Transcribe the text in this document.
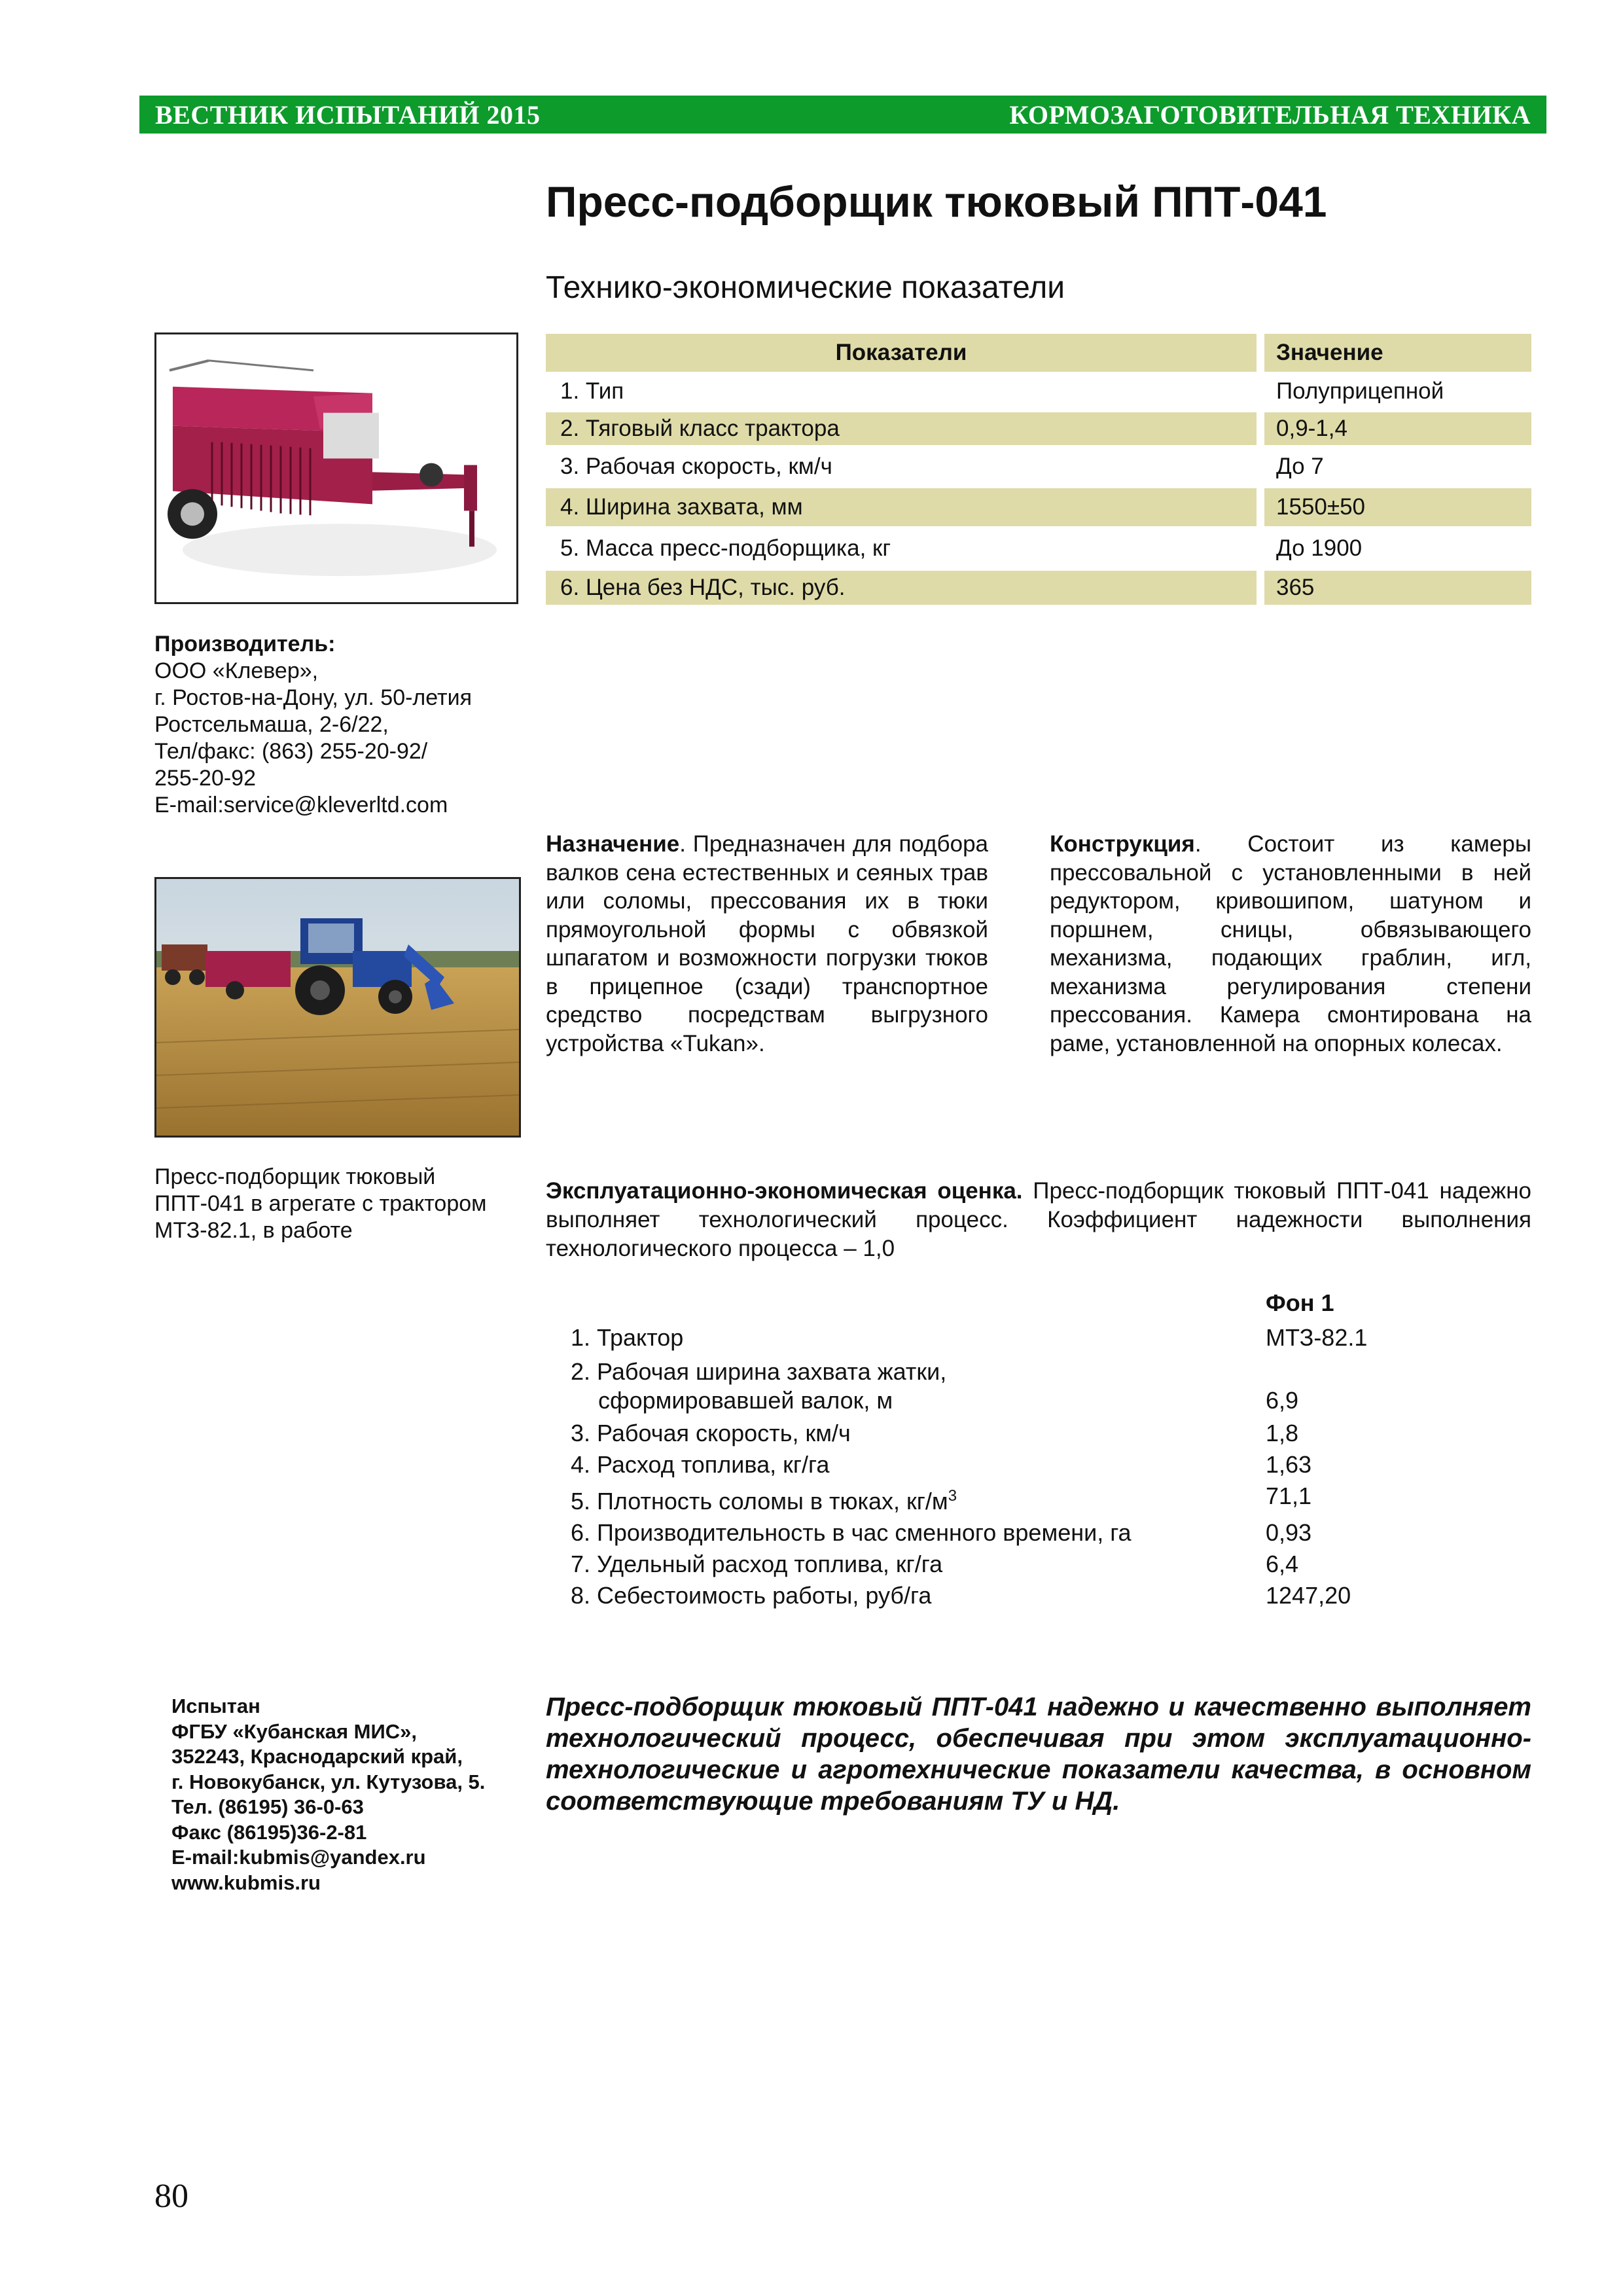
ВЕСТНИК ИСПЫТАНИЙ 2015	КОРМОЗАГОТОВИТЕЛЬНАЯ ТЕХНИКА
Пресс-подборщик тюковый ППТ-041
Технико-экономические показатели
Показатели	Значение
1. Тип	Полуприцепной
2. Тяговый класс трактора	0,9-1,4
3. Рабочая скорость, км/ч	До 7
4. Ширина захвата, мм	1550±50
5. Масса пресс-подборщика, кг	До 1900
6. Цена без НДС, тыс. руб.	365
Производитель:
ООО «Клевер»,
г. Ростов-на-Дону, ул. 50-летия
Ростсельмаша, 2-6/22,
Тел/факс: (863) 255-20-92/
255-20-92
E-mail:service@kleverltd.com
Назначение. Предназначен для подбора валков сена естественных и сеяных трав или соломы, прессования их в тюки прямоугольной формы с обвязкой шпагатом и возможности погрузки тюков в прицепное (сзади) транспортное средство посредствам выгрузного устройства «Tukan».
Конструкция. Состоит из камеры прессовальной с установленными в ней редуктором, кривошипом, шатуном и поршнем, сницы, обвязывающего механизма, подающих граблин, игл, механизма регулирования степени прессования. Камера смонтирована на раме, установленной на опорных колесах.
Пресс-подборщик тюковый ППТ-041 в агрегате с трактором МТЗ-82.1, в работе
Эксплуатационно-экономическая оценка. Пресс-подборщик тюковый ППТ-041 надежно выполняет технологический процесс. Коэффициент надежности выполнения технологического процесса – 1,0
Фон 1
1. Трактор	МТЗ-82.1
2. Рабочая ширина захвата жатки,
сформировавшей валок, м	6,9
3. Рабочая скорость, км/ч	1,8
4. Расход топлива, кг/га	1,63
5. Плотность соломы в тюках, $кг/м^3$	71,1
6. Производительность в час сменного времени, га	0,93
7. Удельный расход топлива, кг/га	6,4
8. Себестоимость работы, руб/га	1247,20
Испытан
ФГБУ «Кубанская МИС»,
352243, Краснодарский край,
г. Новокубанск, ул. Кутузова, 5.
Тел. (86195) 36-0-63
Факс (86195)36-2-81
E-mail:kubmis@yandex.ru
www.kubmis.ru
Пресс-подборщик тюковый ППТ-041 надежно и качественно выполняет технологический процесс, обеспечивая при этом эксплуатационно-технологические и агротехнические показатели качества, в основном соответствующие требованиям ТУ и НД.
80
